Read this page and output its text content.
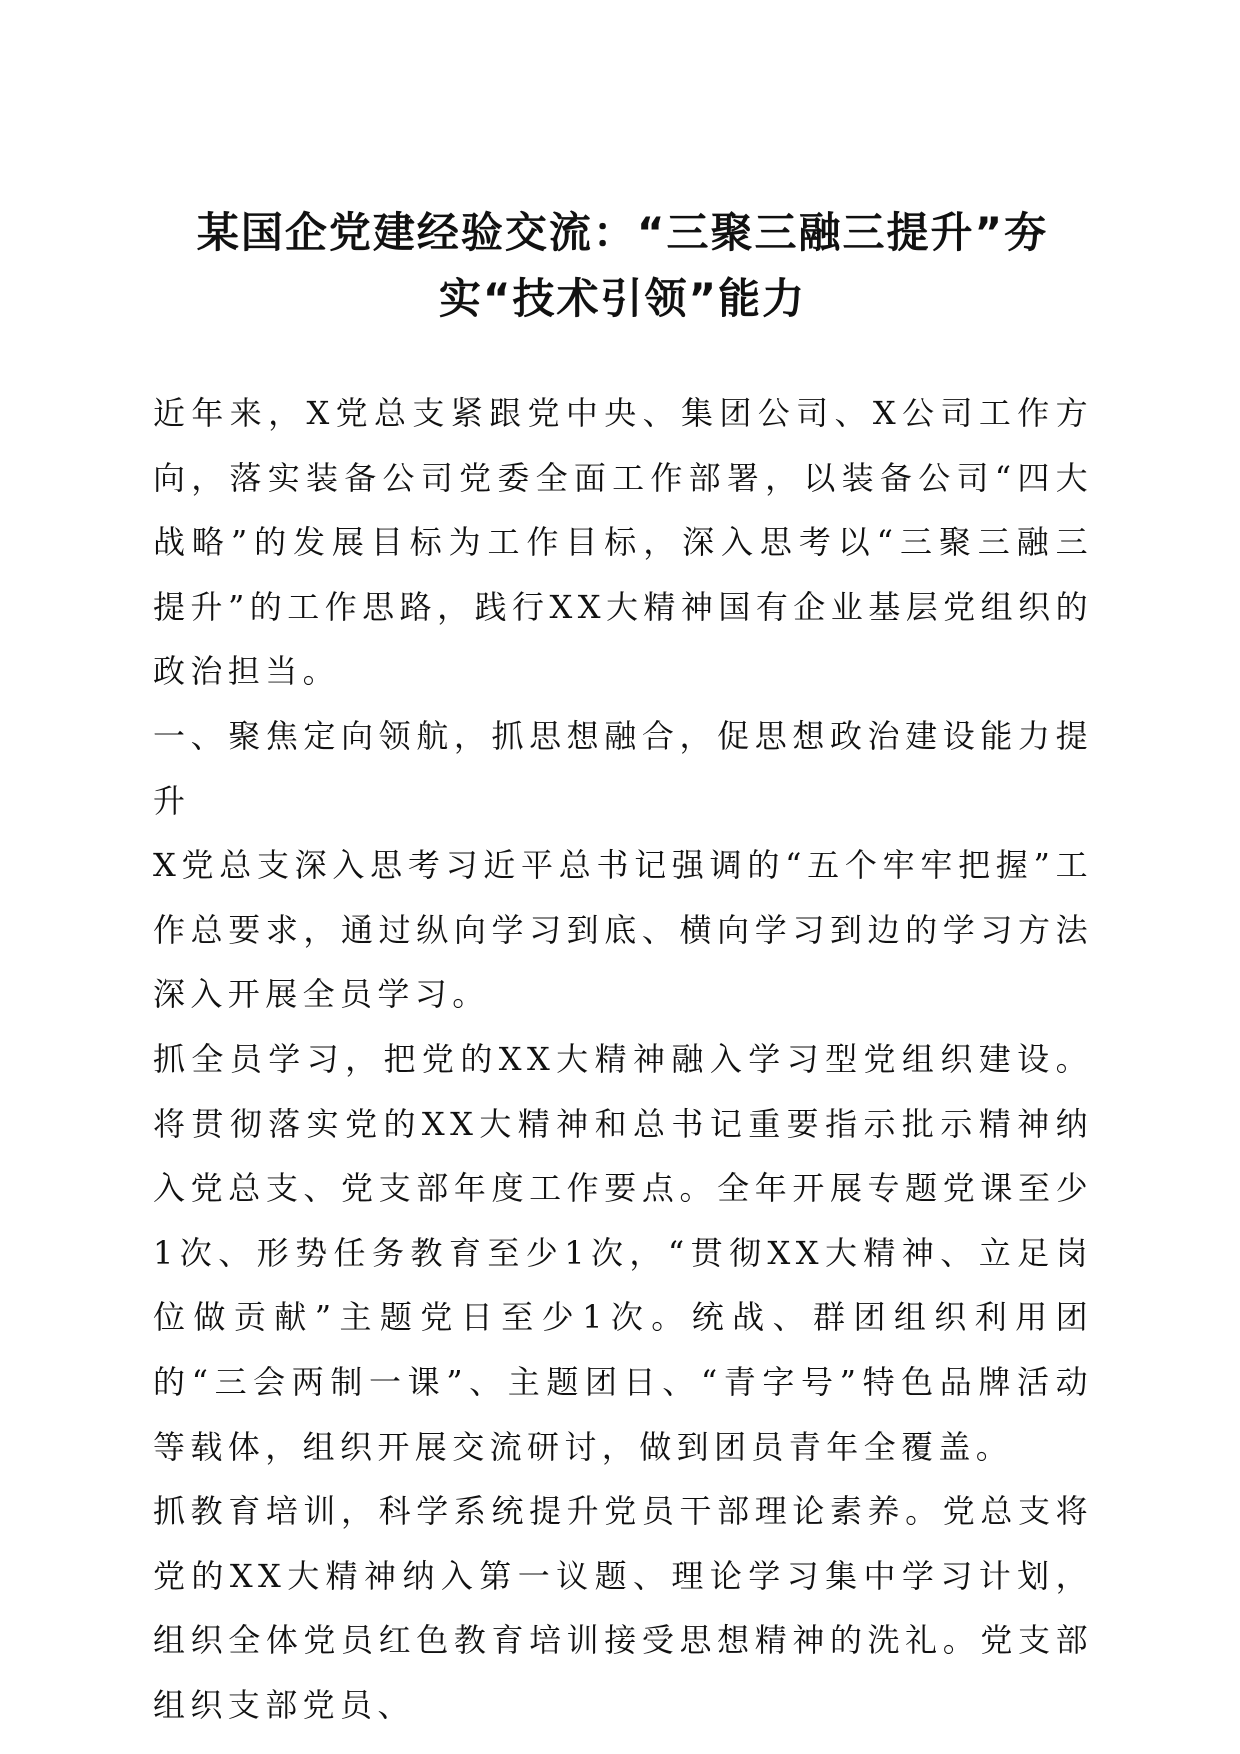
某国企党建经验交流：“三聚三融三提升”夯
实“技术引领”能力

近年来，X党总支紧跟党中央、集团公司、X公司工作方向，落实装备公司党委全面工作部署，以装备公司“四大战略”的发展目标为工作目标，深入思考以“三聚三融三提升”的工作思路，践行XX大精神国有企业基层党组织的政治担当。

一、聚焦定向领航，抓思想融合，促思想政治建设能力提升

X党总支深入思考习近平总书记强调的“五个牢牢把握”工作总要求，通过纵向学习到底、横向学习到边的学习方法深入开展全员学习。

抓全员学习，把党的XX大精神融入学习型党组织建设。将贯彻落实党的XX大精神和总书记重要指示批示精神纳入党总支、党支部年度工作要点。全年开展专题党课至少1次、形势任务教育至少1次，“贯彻XX大精神、立足岗位做贡献”主题党日至少1次。统战、群团组织利用团的“三会两制一课”、主题团日、“青字号”特色品牌活动等载体，组织开展交流研讨，做到团员青年全覆盖。

抓教育培训，科学系统提升党员干部理论素养。党总支将党的XX大精神纳入第一议题、理论学习集中学习计划，组织全体党员红色教育培训接受思想精神的洗礼。党支部组织支部党员、
